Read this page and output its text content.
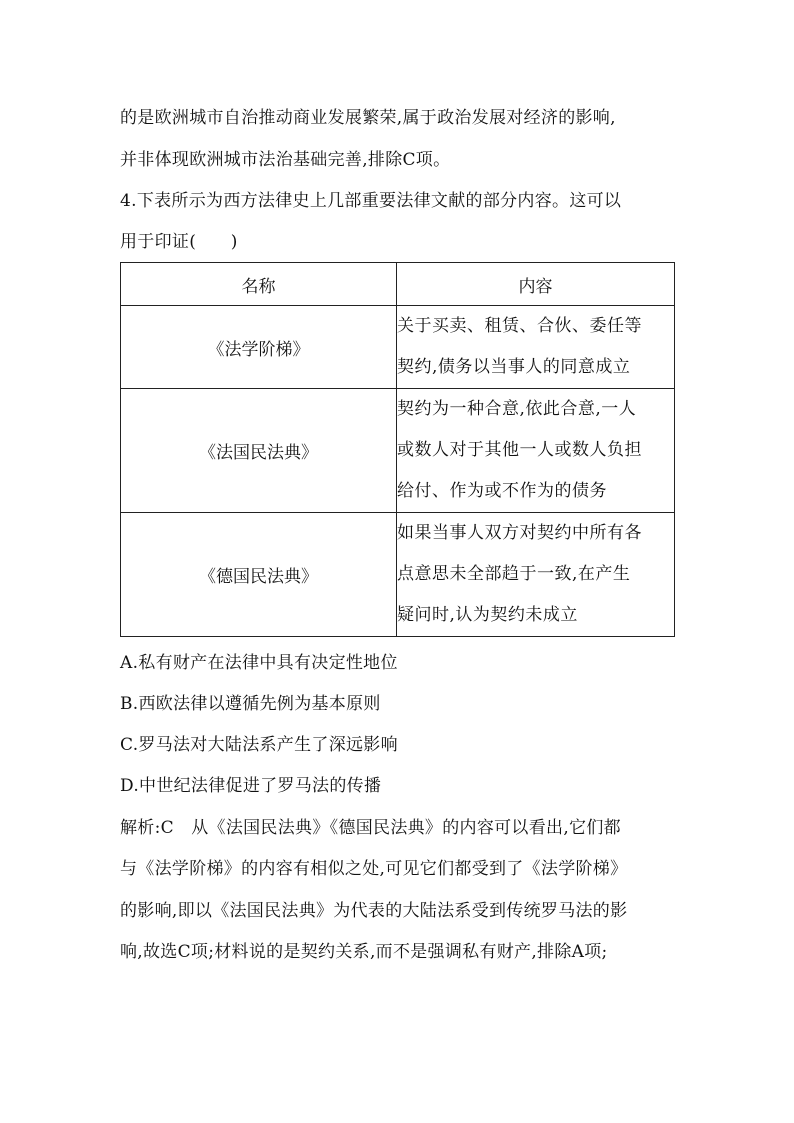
的是欧洲城市自治推动商业发展繁荣,属于政治发展对经济的影响,
并非体现欧洲城市法治基础完善,排除C项。
4.下表所示为西方法律史上几部重要法律文献的部分内容。这可以
用于印证(　　)
名称	内容
《法学阶梯》	关于买卖、租赁、合伙、委任等
契约,债务以当事人的同意成立

《法国民法典》	契约为一种合意,依此合意,一人
或数人对于其他一人或数人负担
给付、作为或不作为的债务

《德国民法典》	如果当事人双方对契约中所有各
点意思未全部趋于一致,在产生
疑问时,认为契约未成立
A.私有财产在法律中具有决定性地位
B.西欧法律以遵循先例为基本原则
C.罗马法对大陆法系产生了深远影响
D.中世纪法律促进了罗马法的传播
解析:C　从《法国民法典》《德国民法典》的内容可以看出,它们都
与《法学阶梯》的内容有相似之处,可见它们都受到了《法学阶梯》
的影响,即以《法国民法典》为代表的大陆法系受到传统罗马法的影
响,故选C项;材料说的是契约关系,而不是强调私有财产,排除A项;
